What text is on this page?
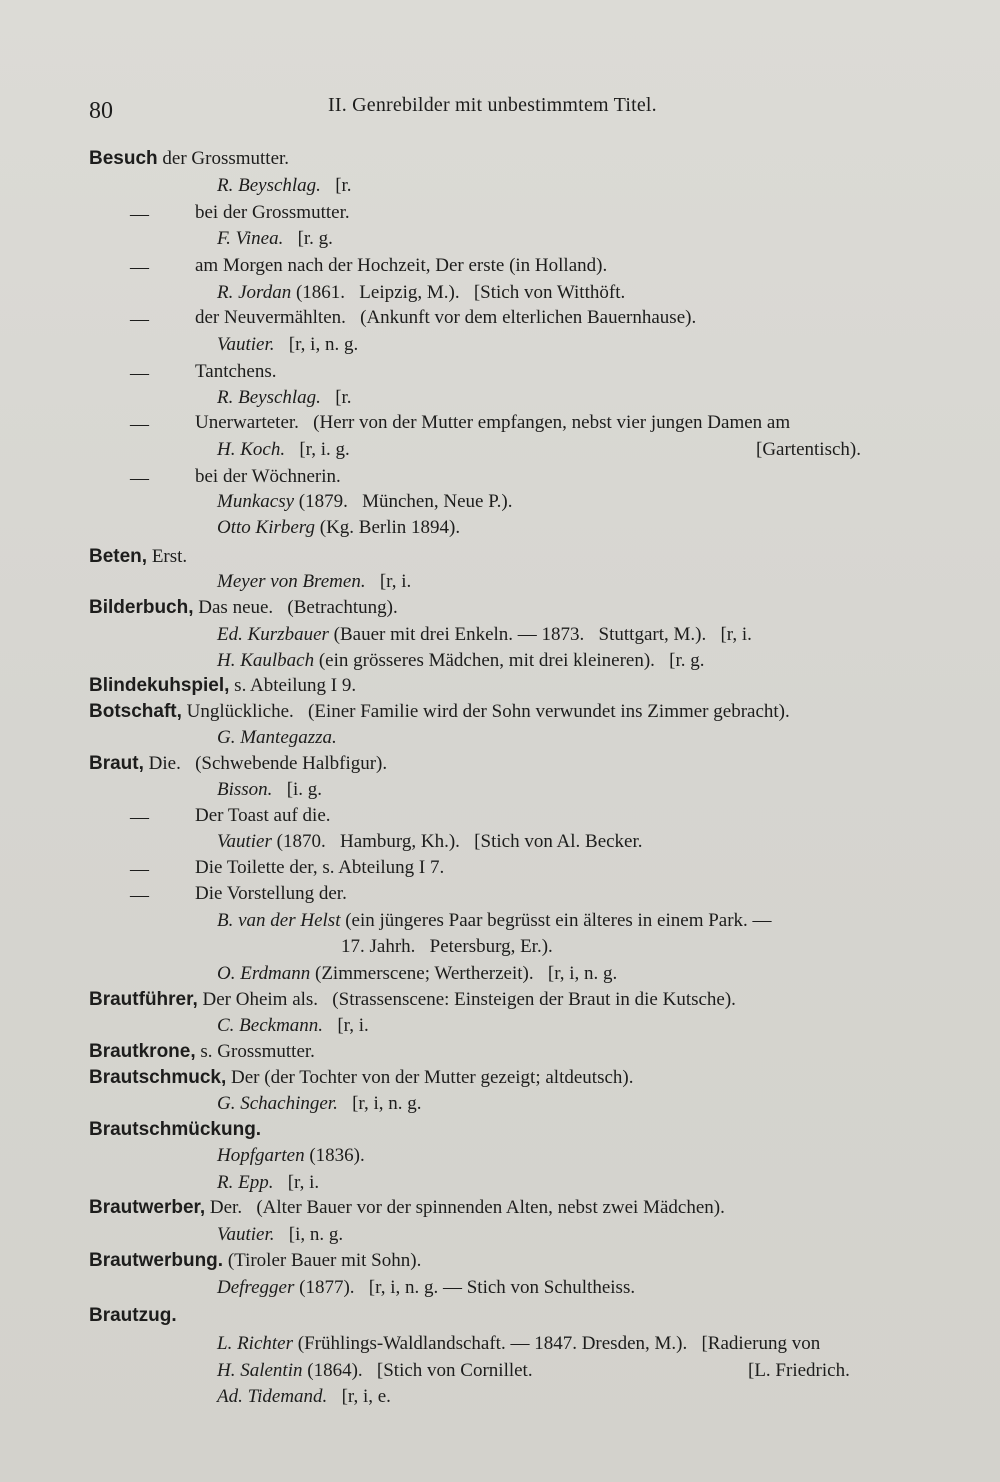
80	II. Genrebilder mit unbestimmtem Titel.
Besuch der Grossmutter.
R. Beyschlag.   [r.
— bei der Grossmutter.
F. Vinea.   [r. g.
— am Morgen nach der Hochzeit, Der erste (in Holland).
R. Jordan (1861.   Leipzig, M.).   [Stich von Witthöft.
— der Neuvermählten.   (Ankunft vor dem elterlichen Bauernhause).
Vautier.   [r, i, n. g.
— Tantchens.
R. Beyschlag.   [r.
— Unerwarteter.   (Herr von der Mutter empfangen, nebst vier jungen Damen am
H. Koch.   [r, i. g.	[Gartentisch).
— bei der Wöchnerin.
Munkacsy (1879.   München, Neue P.).
Otto Kirberg (Kg. Berlin 1894).
Beten, Erst.
Meyer von Bremen.   [r, i.
Bilderbuch, Das neue.   (Betrachtung).
Ed. Kurzbauer (Bauer mit drei Enkeln. — 1873.   Stuttgart, M.).   [r, i.
H. Kaulbach (ein grösseres Mädchen, mit drei kleineren).   [r. g.
Blindekuhspiel, s. Abteilung I 9.
Botschaft, Unglückliche.   (Einer Familie wird der Sohn verwundet ins Zimmer gebracht).
G. Mantegazza.
Braut, Die.   (Schwebende Halbfigur).
Bisson.   [i. g.
— Der Toast auf die.
Vautier (1870.   Hamburg, Kh.).   [Stich von Al. Becker.
— Die Toilette der, s. Abteilung I 7.
— Die Vorstellung der.
B. van der Helst (ein jüngeres Paar begrüsst ein älteres in einem Park. —
17. Jahrh.   Petersburg, Er.).
O. Erdmann (Zimmerscene; Wertherzeit).   [r, i, n. g.
Brautführer, Der Oheim als.   (Strassenscene: Einsteigen der Braut in die Kutsche).
C. Beckmann.   [r, i.
Brautkrone, s. Grossmutter.
Brautschmuck, Der (der Tochter von der Mutter gezeigt; altdeutsch).
G. Schachinger.   [r, i, n. g.
Brautschmückung.
Hopfgarten (1836).
R. Epp.   [r, i.
Brautwerber, Der.   (Alter Bauer vor der spinnenden Alten, nebst zwei Mädchen).
Vautier.   [i, n. g.
Brautwerbung. (Tiroler Bauer mit Sohn).
Defregger (1877).   [r, i, n. g. — Stich von Schultheiss.
Brautzug.
L. Richter (Frühlings-Waldlandschaft. — 1847. Dresden, M.).   [Radierung von
H. Salentin (1864).   [Stich von Cornillet.	[L. Friedrich.
Ad. Tidemand.   [r, i, e.
